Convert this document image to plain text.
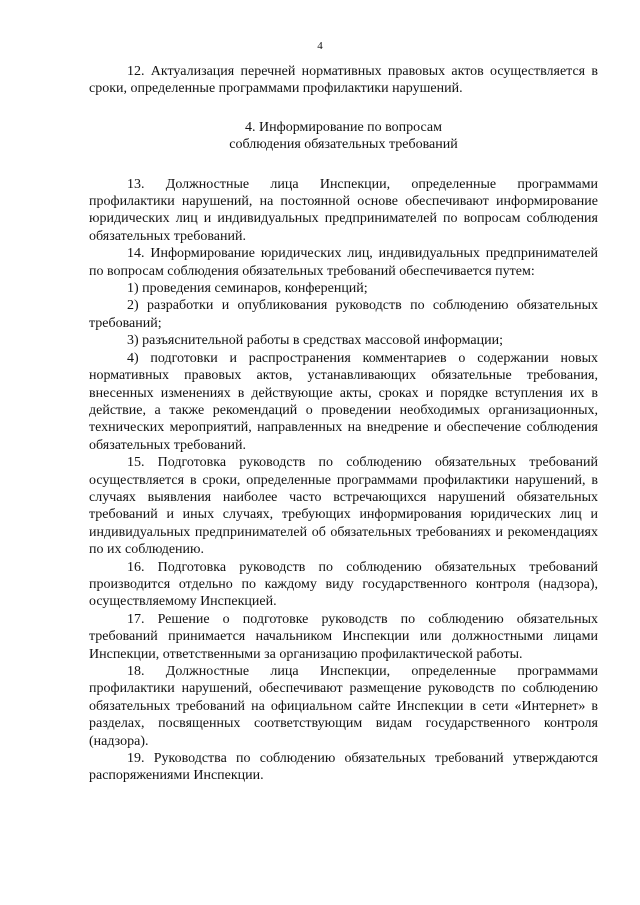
4

12. Актуализация перечней нормативных правовых актов осуществляется в сроки, определенные программами профилактики нарушений.

4. Информирование по вопросам
соблюдения обязательных требований

13. Должностные лица Инспекции, определенные программами профилактики нарушений, на постоянной основе обеспечивают информирование юридических лиц и индивидуальных предпринимателей по вопросам соблюдения обязательных требований.

14. Информирование юридических лиц, индивидуальных предпринимателей по вопросам соблюдения обязательных требований обеспечивается путем:

1) проведения семинаров, конференций;

2) разработки и опубликования руководств по соблюдению обязательных требований;

3) разъяснительной работы в средствах массовой информации;

4) подготовки и распространения комментариев о содержании новых нормативных правовых актов, устанавливающих обязательные требования, внесенных изменениях в действующие акты, сроках и порядке вступления их в действие, а также рекомендаций о проведении необходимых организационных, технических мероприятий, направленных на внедрение и обеспечение соблюдения обязательных требований.

15. Подготовка руководств по соблюдению обязательных требований осуществляется в сроки, определенные программами профилактики нарушений, в случаях выявления наиболее часто встречающихся нарушений обязательных требований и иных случаях, требующих информирования юридических лиц и индивидуальных предпринимателей об обязательных требованиях и рекомендациях по их соблюдению.

16. Подготовка руководств по соблюдению обязательных требований производится отдельно по каждому виду государственного контроля (надзора), осуществляемому Инспекцией.

17. Решение о подготовке руководств по соблюдению обязательных требований принимается начальником Инспекции или должностными лицами Инспекции, ответственными за организацию профилактической работы.

18. Должностные лица Инспекции, определенные программами профилактики нарушений, обеспечивают размещение руководств по соблюдению обязательных требований на официальном сайте Инспекции в сети «Интернет» в разделах, посвященных соответствующим видам государственного контроля (надзора).

19. Руководства по соблюдению обязательных требований утверждаются распоряжениями Инспекции.
